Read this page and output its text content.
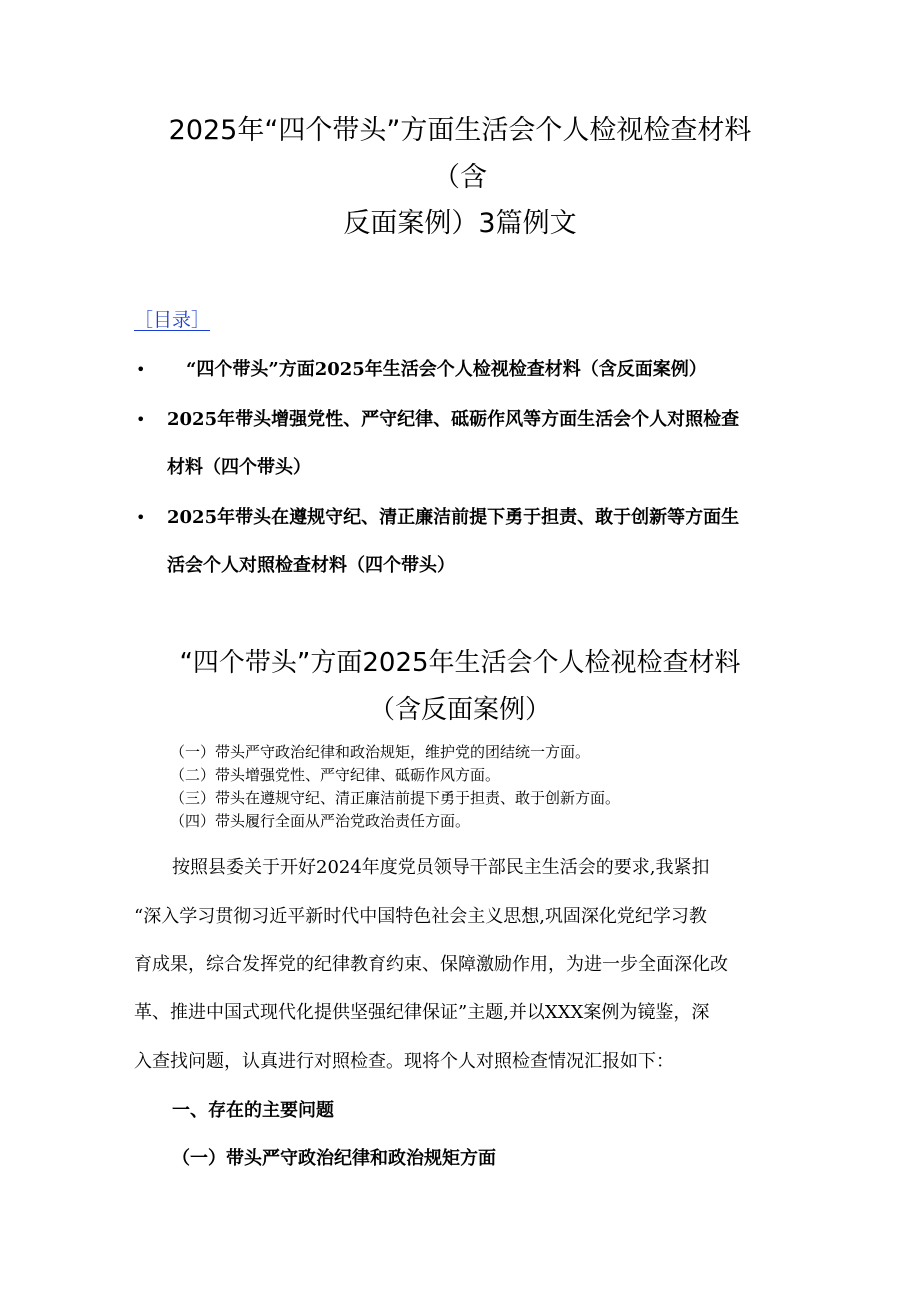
2025年“四个带头”方面生活会个人检视检查材料
（含
反面案例）3篇例文
［目录］
• “四个带头”方面2025年生活会个人检视检查材料（含反面案例）
• 2025年带头增强党性、严守纪律、砥砺作风等方面生活会个人对照检查
材料（四个带头）
• 2025年带头在遵规守纪、清正廉洁前提下勇于担责、敢于创新等方面生
活会个人对照检查材料（四个带头）
“四个带头”方面2025年生活会个人检视检查材料
（含反面案例）
（一）带头严守政治纪律和政治规矩，维护党的团结统一方面。
（二）带头增强党性、严守纪律、砥砺作风方面。
（三）带头在遵规守纪、清正廉洁前提下勇于担责、敢于创新方面。
（四）带头履行全面从严治党政治责任方面。
按照县委关于开好2024年度党员领导干部民主生活会的要求,我紧扣
“深入学习贯彻习近平新时代中国特色社会主义思想,巩固深化党纪学习教
育成果，综合发挥党的纪律教育约束、保障激励作用，为进一步全面深化改
革、推进中国式现代化提供坚强纪律保证”主题,并以XXX案例为镜鉴，深
入查找问题，认真进行对照检查。现将个人对照检查情况汇报如下：
一、存在的主要问题
（一）带头严守政治纪律和政治规矩方面
